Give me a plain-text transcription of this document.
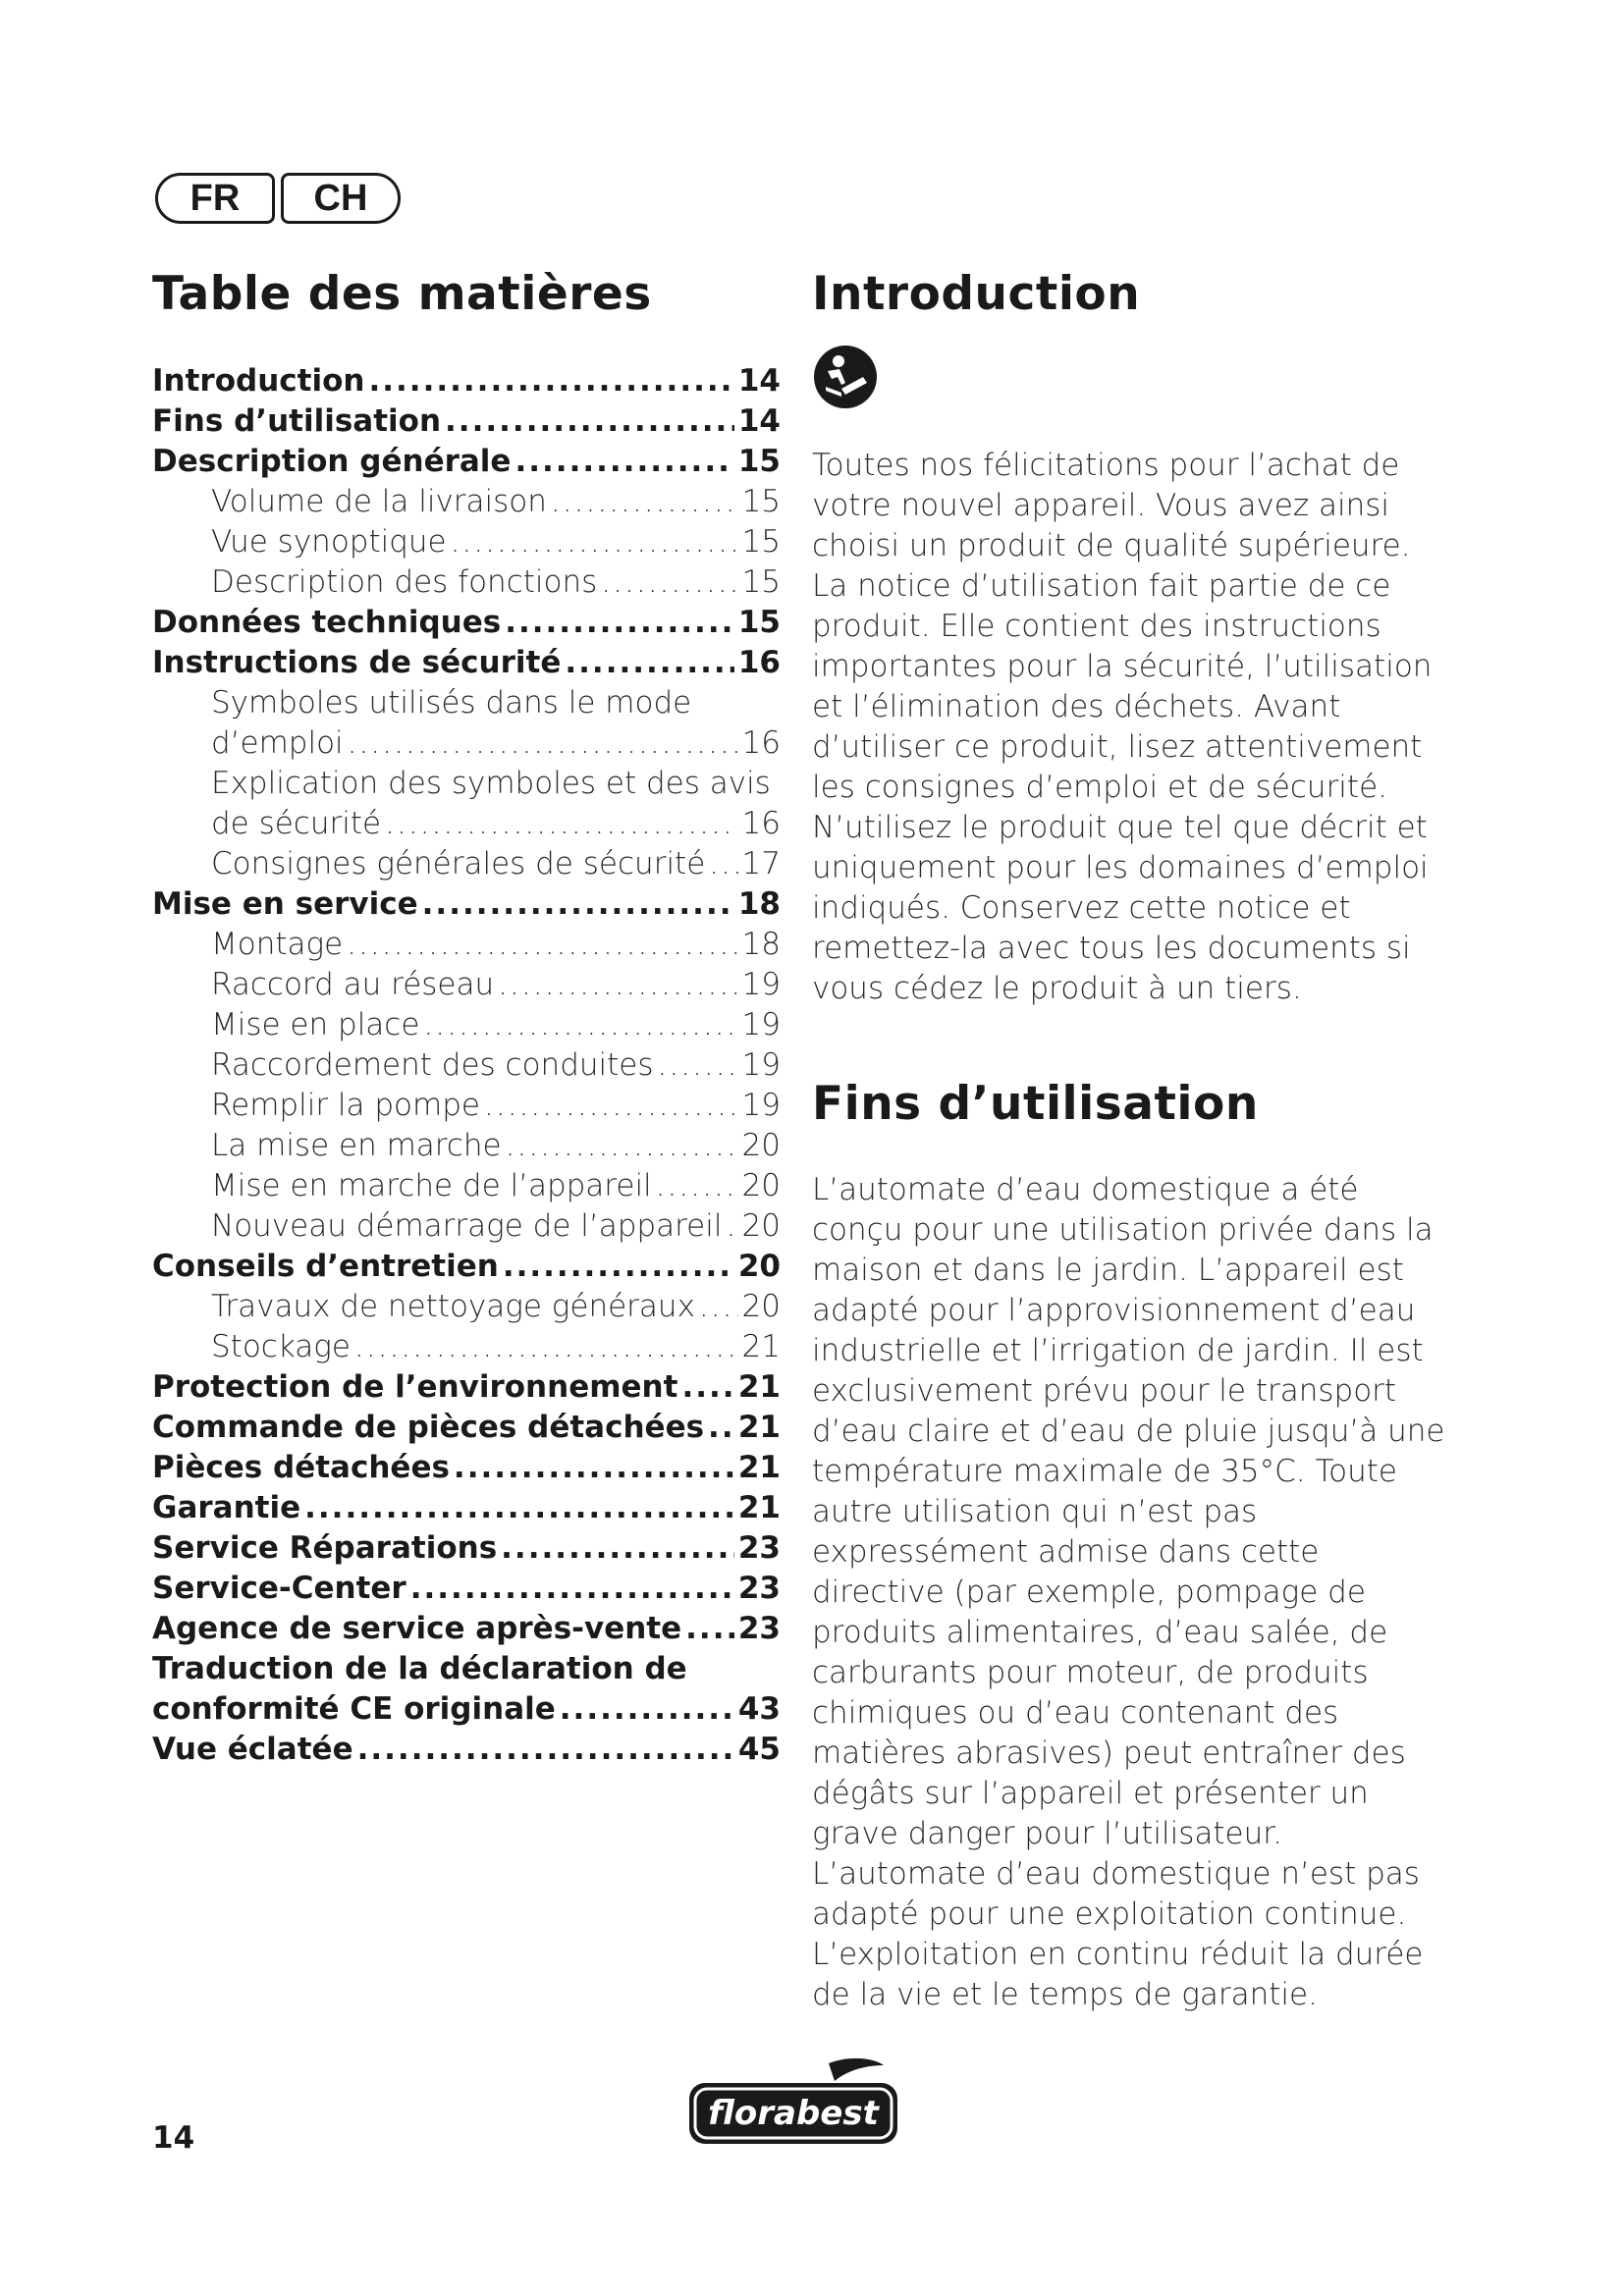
FR	CH
Table des matières
Introduction .....	14
Fins d’utilisation .....	14
Description générale .....	15
Volume de la livraison .....	15
Vue synoptique .....	15
Description des fonctions .....	15
Données techniques .....	15
Instructions de sécurité .....	16
Symboles utilisés dans le mode
d’emploi .....	16
Explication des symboles et des avis
de sécurité .....	16
Consignes générales de sécurité ..... 17
Mise en service .....	18
Montage .....	18
Raccord au réseau .....	19
Mise en place .....	19
Raccordement des conduites .....	19
Remplir la pompe .....	19
La mise en marche .....	20
Mise en marche de l’appareil .....	20
Nouveau démarrage de l’appareil ..... 20
Conseils d’entretien .....	20
Travaux de nettoyage généraux ..... 20
Stockage .....	21
Protection de l’environnement ..... 21
Commande de pièces détachées ..... 21
Pièces détachées .....	21
Garantie .....	21
Service Réparations .....	23
Service-Center .....	23
Agence de service après-vente ..... 23
Traduction de la déclaration de
conformité CE originale .....	43
Vue éclatée .....	45
Introduction

Toutes nos félicitations pour l’achat de votre nouvel appareil. Vous avez ainsi choisi un produit de qualité supérieure. La notice d’utilisation fait partie de ce produit. Elle contient des instructions importantes pour la sécurité, l’utilisation et l’élimination des déchets. Avant d’utiliser ce produit, lisez attentivement les consignes d’emploi et de sécurité. N’utilisez le produit que tel que décrit et uniquement pour les domaines d’emploi indiqués. Conservez cette notice et remettez-la avec tous les documents si vous cédez le produit à un tiers.

Fins d’utilisation

L’automate d’eau domestique a été conçu pour une utilisation privée dans la maison et dans le jardin. L’appareil est adapté pour l’approvisionnement d’eau industrielle et l’irrigation de jardin. Il est exclusivement prévu pour le transport d’eau claire et d’eau de pluie jusqu’à une température maximale de 35°C. Toute autre utilisation qui n’est pas expressément admise dans cette directive (par exemple, pompage de produits alimentaires, d’eau salée, de carburants pour moteur, de produits chimiques ou d’eau contenant des matières abrasives) peut entraîner des dégâts sur l’appareil et présenter un grave danger pour l’utilisateur. L’automate d’eau domestique n’est pas adapté pour une exploitation continue. L’exploitation en continu réduit la durée de la vie et le temps de garantie.

14
florabest
